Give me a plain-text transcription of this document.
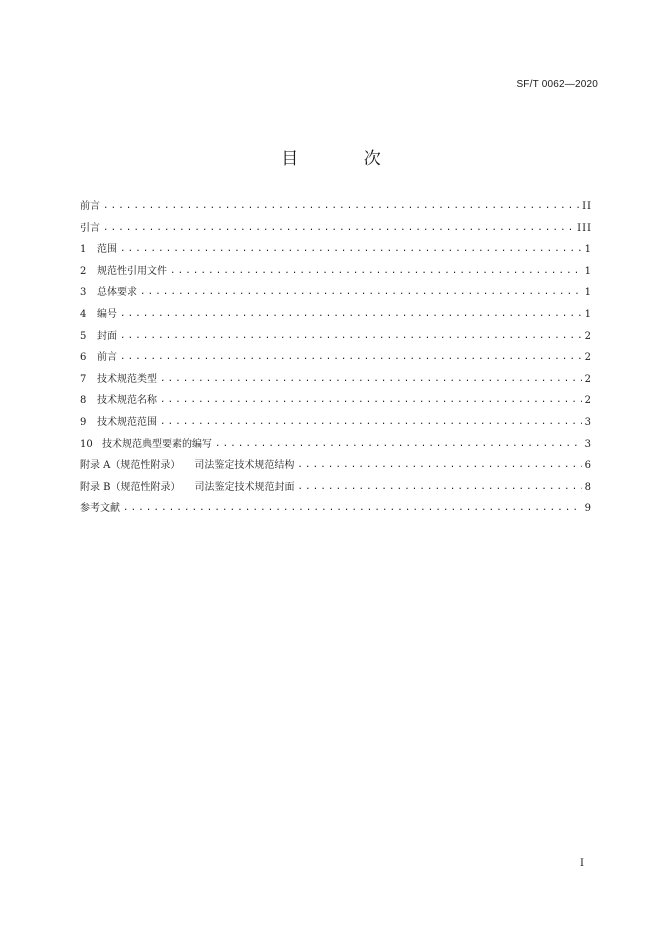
SF/T 0062—2020
目 次
前言 .....	II
引言 .....	III
1	范围 .....	1
2	规范性引用文件 .....	1
3	总体要求 .....	1
4	编号 .....	1
5	封面 .....	2
6	前言 .....	2
7	技术规范类型 .....	2
8	技术规范名称 .....	2
9	技术规范范围 .....	3
10 技术规范典型要素的编写 .....	3
附录 A（规范性附录） 司法鉴定技术规范结构 .....	6
附录 B（规范性附录） 司法鉴定技术规范封面 .....	8
参考文献 .....	9
I
